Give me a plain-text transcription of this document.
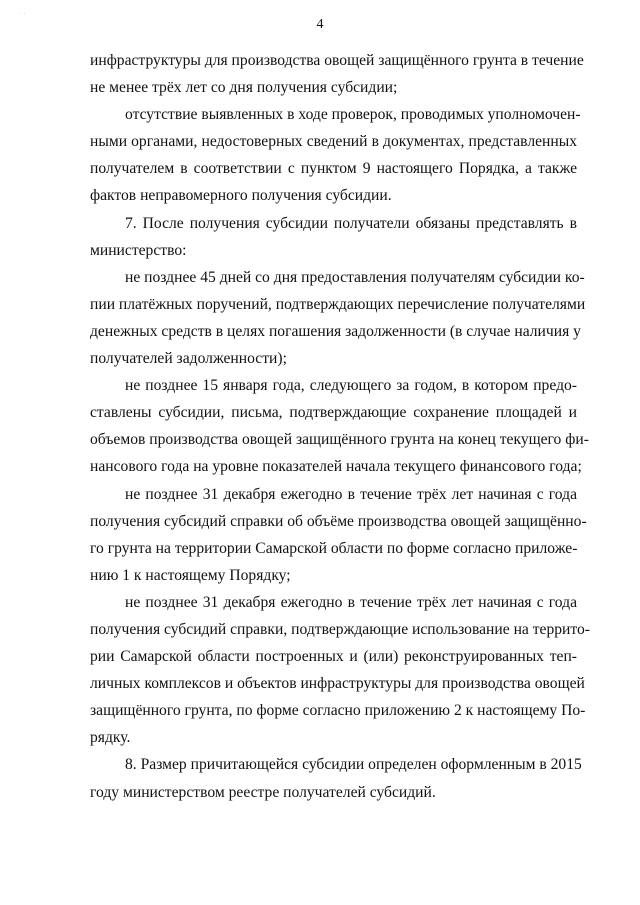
. .
4
инфраструктуры для производства овощей защищённого грунта в течение
не менее трёх лет со дня получения субсидии;
отсутствие выявленных в ходе проверок, проводимых уполномочен-
ными органами, недостоверных сведений в документах, представленных
получателем в соответствии с пунктом 9 настоящего Порядка, а также
фактов неправомерного получения субсидии.
7. После получения субсидии получатели обязаны представлять в
министерство:
не позднее 45 дней со дня предоставления получателям субсидии ко-
пии платёжных поручений, подтверждающих перечисление получателями
денежных средств в целях погашения задолженности (в случае наличия у
получателей задолженности);
не позднее 15 января года, следующего за годом, в котором предо-
ставлены субсидии, письма, подтверждающие сохранение площадей и
объемов производства овощей защищённого грунта на конец текущего фи-
нансового года на уровне показателей начала текущего финансового года;
не позднее 31 декабря ежегодно в течение трёх лет начиная с года
получения субсидий справки об объёме производства овощей защищённо-
го грунта на территории Самарской области по форме согласно приложе-
нию 1 к настоящему Порядку;
не позднее 31 декабря ежегодно в течение трёх лет начиная с года
получения субсидий справки, подтверждающие использование на террито-
рии Самарской области построенных и (или) реконструированных теп-
личных комплексов и объектов инфраструктуры для производства овощей
защищённого грунта, по форме согласно приложению 2 к настоящему По-
рядку.
8. Размер причитающейся субсидии определен оформленным в 2015
году министерством реестре получателей субсидий.
